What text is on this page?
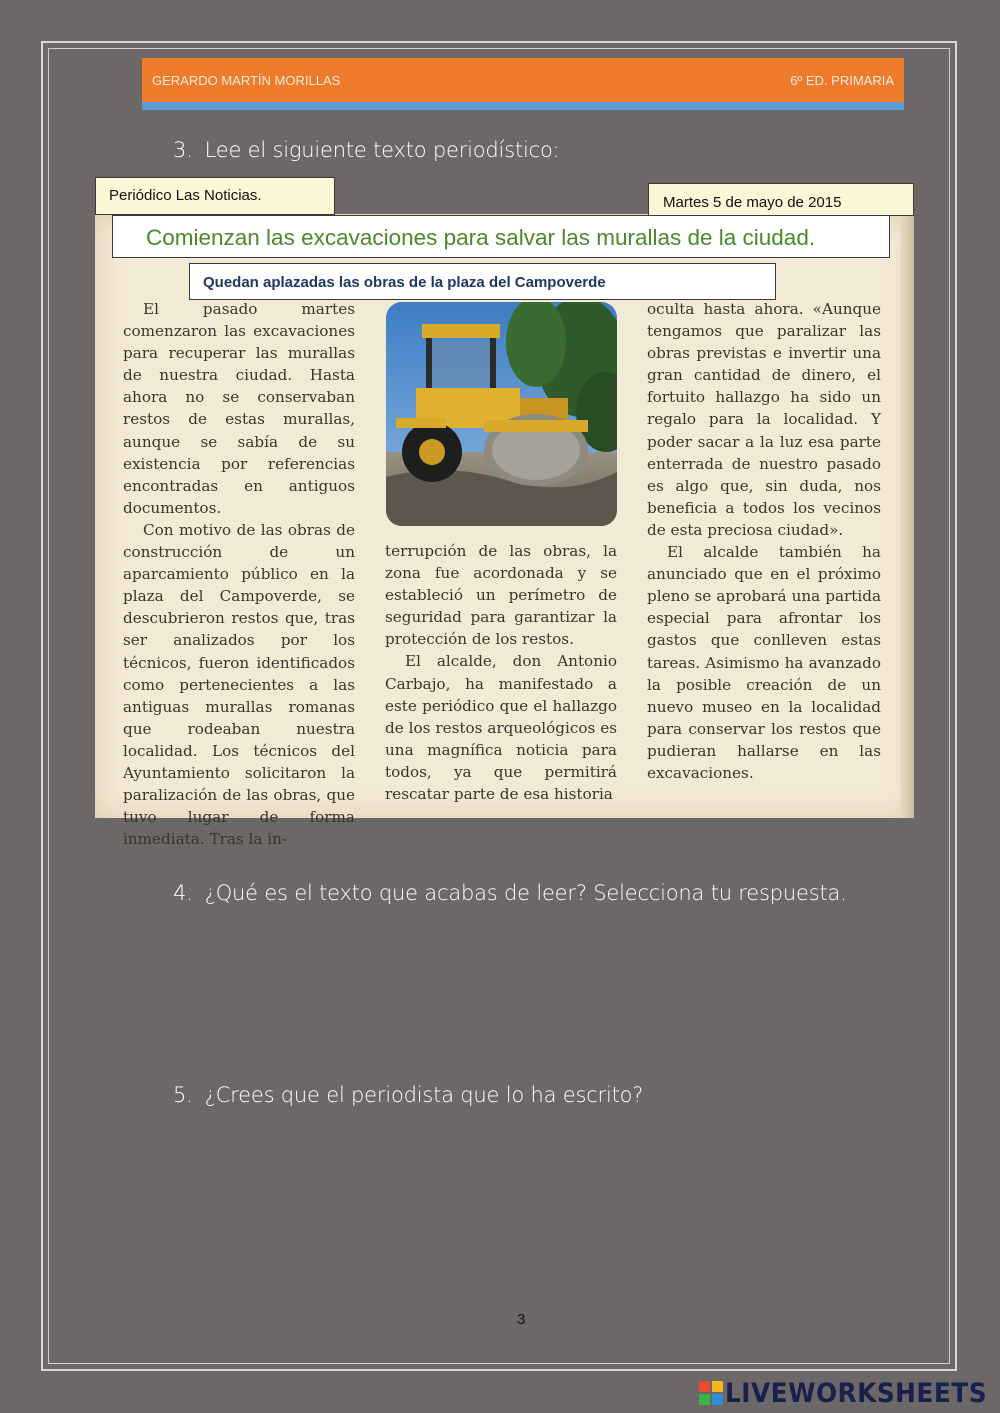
GERARDO MARTÍN MORILLAS	6º ED. PRIMARIA
3. Lee el siguiente texto periodístico:

El pasado martes comenzaron las excavaciones para recuperar las murallas de nuestra ciudad. Hasta ahora no se conservaban restos de estas murallas, aunque se sabía de su existencia por referencias encontradas en antiguos documentos.

Con motivo de las obras de construcción de un aparcamiento público en la plaza del Campoverde, se descubrieron restos que, tras ser analizados por los técnicos, fueron identificados como pertenecientes a las antiguas murallas romanas que rodeaban nuestra localidad. Los técnicos del Ayuntamiento solicitaron la paralización de las obras, que tuvo lugar de forma inmediata. Tras la in-

terrupción de las obras, la zona fue acordonada y se estableció un perímetro de seguridad para garantizar la protección de los restos.

El alcalde, don Antonio Carbajo, ha manifestado a este periódico que el hallazgo de los restos arqueológicos es una magnífica noticia para todos, ya que permitirá rescatar parte de esa historia

oculta hasta ahora. «Aunque tengamos que paralizar las obras previstas e invertir una gran cantidad de dinero, el fortuito hallazgo ha sido un regalo para la localidad. Y poder sacar a la luz esa parte enterrada de nuestro pasado es algo que, sin duda, nos beneficia a todos los vecinos de esta preciosa ciudad».

El alcalde también ha anunciado que en el próximo pleno se aprobará una partida especial para afrontar los gastos que conlleven estas tareas. Asimismo ha avanzado la posible creación de un nuevo museo en la localidad para conservar los restos que pudieran hallarse en las excavaciones.

Periódico Las Noticias.	Martes 5 de mayo de 2015
Comienzan las excavaciones para salvar las murallas de la ciudad.
Quedan aplazadas las obras de la plaza del Campoverde
4. ¿Qué es el texto que acabas de leer? Selecciona tu respuesta.
5. ¿Crees que el periodista que lo ha escrito?
3
LIVEWORKSHEETS
